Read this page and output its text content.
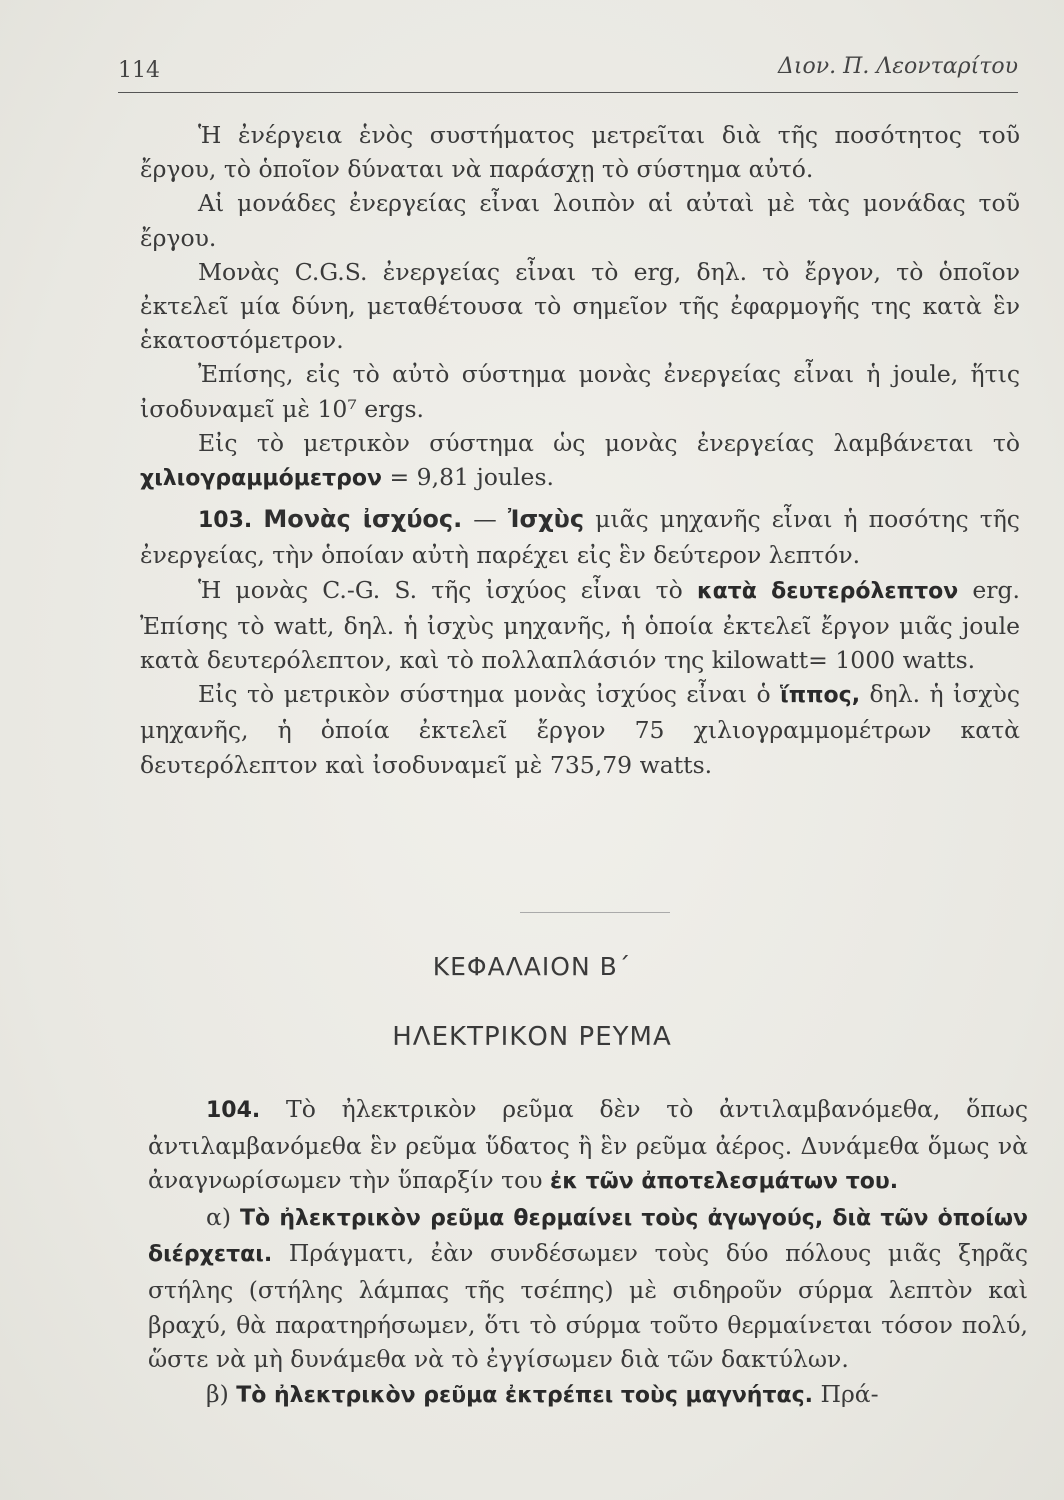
114	Διον. Π. Λεονταρίτου

Ἡ ἐνέργεια ἑνὸς συστήματος μετρεῖται διὰ τῆς ποσότητος τοῦ ἔργου, τὸ ὁποῖον δύναται νὰ παράσχῃ τὸ σύστημα αὐτό.

Αἱ μονάδες ἐνεργείας εἶναι λοιπὸν αἱ αὐταὶ μὲ τὰς μονάδας τοῦ ἔργου.

Μονὰς C.G.S. ἐνεργείας εἶναι τὸ erg, δηλ. τὸ ἔργον, τὸ ὁποῖον ἐκτελεῖ μία δύνη, μεταθέτουσα τὸ σημεῖον τῆς ἐφαρμογῆς της κατὰ ἓν ἑκατοστόμετρον.

Ἐπίσης, εἰς τὸ αὐτὸ σύστημα μονὰς ἐνεργείας εἶναι ἡ joule, ἥτις ἰσοδυναμεῖ μὲ 10⁷ ergs.

Εἰς τὸ μετρικὸν σύστημα ὡς μονὰς ἐνεργείας λαμβάνεται τὸ χιλιογραμμόμετρον = 9,81 joules.

103. Μονὰς ἰσχύος. — Ἰσχὺς μιᾶς μηχανῆς εἶναι ἡ ποσότης τῆς ἐνεργείας, τὴν ὁποίαν αὐτὴ παρέχει εἰς ἓν δεύτερον λεπτόν.

Ἡ μονὰς C.-G. S. τῆς ἰσχύος εἶναι τὸ κατὰ δευτερόλεπτον erg. Ἐπίσης τὸ watt, δηλ. ἡ ἰσχὺς μηχανῆς, ἡ ὁποία ἐκτελεῖ ἔργον μιᾶς joule κατὰ δευτερόλεπτον, καὶ τὸ πολλαπλάσιόν της kilowatt= 1000 watts.

Εἰς τὸ μετρικὸν σύστημα μονὰς ἰσχύος εἶναι ὁ ἵππος, δηλ. ἡ ἰσχὺς μηχανῆς, ἡ ὁποία ἐκτελεῖ ἔργον 75 χιλιογραμμομέτρων κατὰ δευτερόλεπτον καὶ ἰσοδυναμεῖ μὲ 735,79 watts.

ΚΕΦΑΛΑΙΟΝ Β΄
ΗΛΕΚΤΡΙΚΟΝ ΡΕΥΜΑ

104. Τὸ ἠλεκτρικὸν ρεῦμα δὲν τὸ ἀντιλαμβανόμεθα, ὅπως ἀντιλαμβανόμεθα ἓν ρεῦμα ὕδατος ἢ ἓν ρεῦμα ἀέρος. Δυνάμεθα ὅμως νὰ ἀναγνωρίσωμεν τὴν ὕπαρξίν του ἐκ τῶν ἀποτελεσμάτων του.

α) Τὸ ἠλεκτρικὸν ρεῦμα θερμαίνει τοὺς ἀγωγούς, διὰ τῶν ὁποίων διέρχεται. Πράγματι, ἐὰν συνδέσωμεν τοὺς δύο πόλους μιᾶς ξηρᾶς στήλης (στήλης λάμπας τῆς τσέπης) μὲ σιδηροῦν σύρμα λεπτὸν καὶ βραχύ, θὰ παρατηρήσωμεν, ὅτι τὸ σύρμα τοῦτο θερμαίνεται τόσον πολύ, ὥστε νὰ μὴ δυνάμεθα νὰ τὸ ἐγγίσωμεν διὰ τῶν δακτύλων.

β) Τὸ ἠλεκτρικὸν ρεῦμα ἐκτρέπει τοὺς μαγνήτας. Πρά-
